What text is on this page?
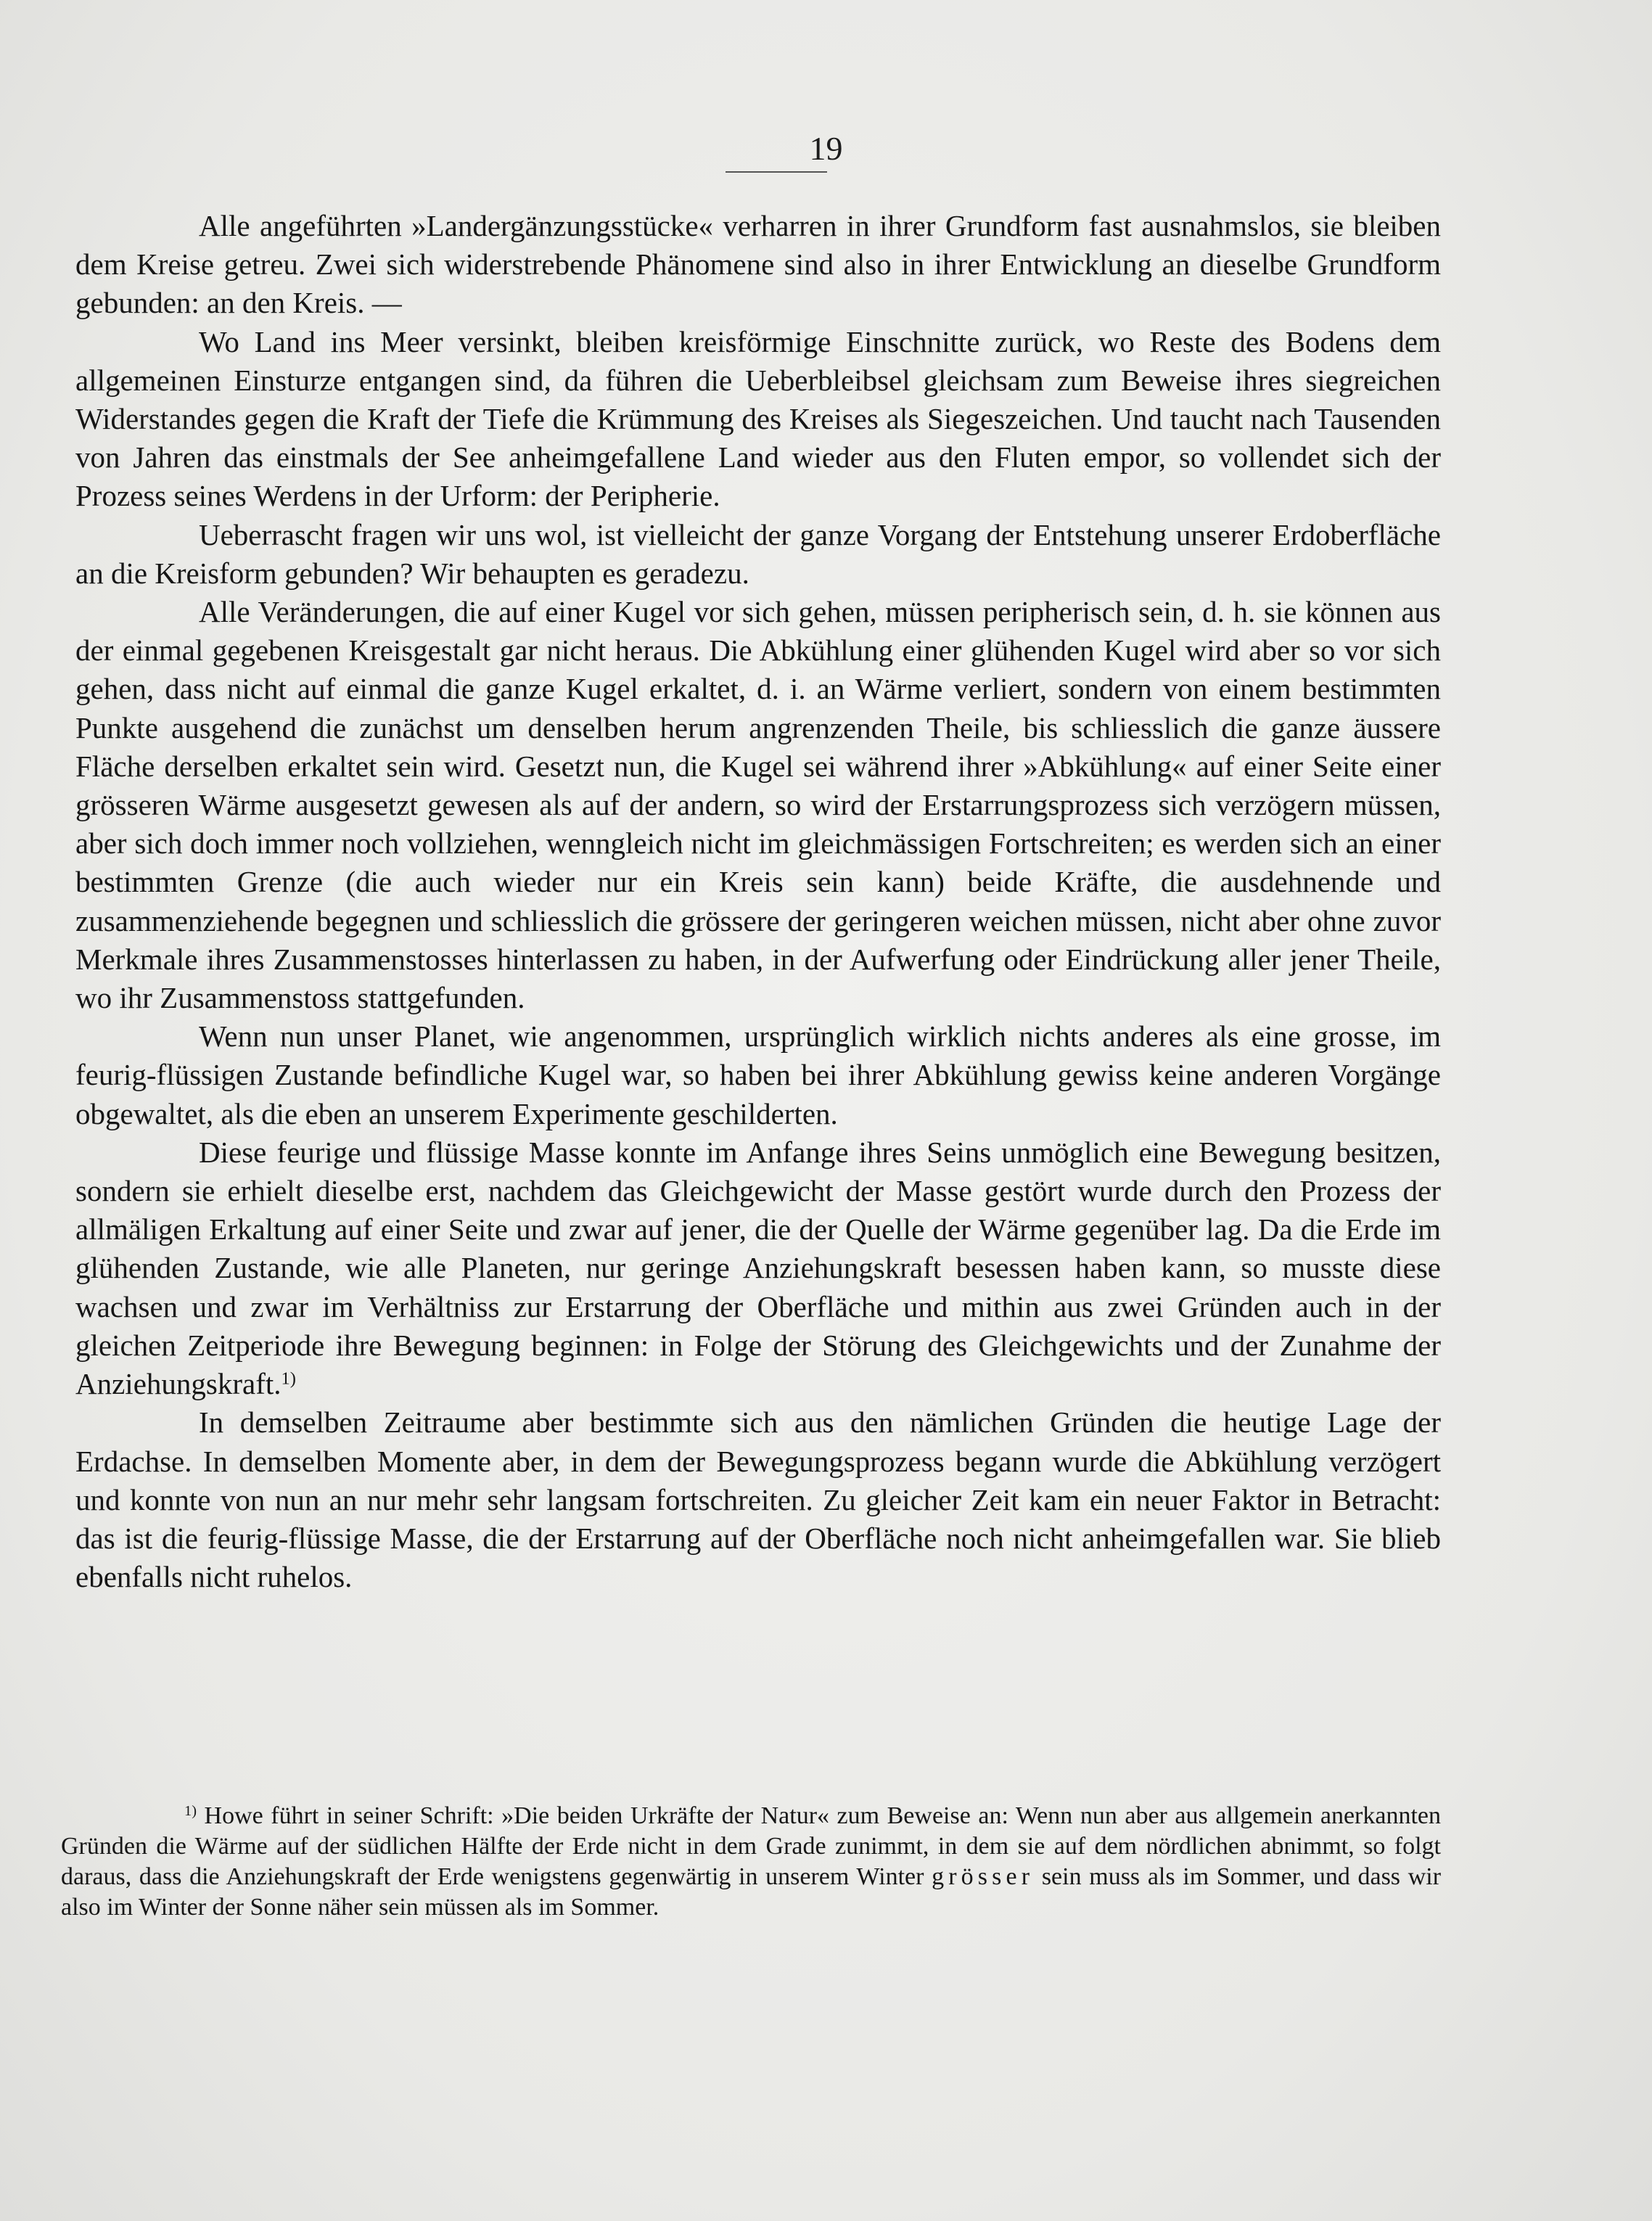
19

Alle angeführten »Landergänzungsstücke« verharren in ihrer Grundform fast ausnahmslos, sie bleiben dem Kreise getreu. Zwei sich widerstrebende Phänomene sind also in ihrer Entwicklung an dieselbe Grundform gebunden: an den Kreis. —

Wo Land ins Meer versinkt, bleiben kreisförmige Einschnitte zurück, wo Reste des Bodens dem allgemeinen Einsturze entgangen sind, da führen die Ueberbleibsel gleichsam zum Beweise ihres siegreichen Widerstandes gegen die Kraft der Tiefe die Krümmung des Kreises als Siegeszeichen. Und taucht nach Tausenden von Jahren das einstmals der See anheimgefallene Land wieder aus den Fluten empor, so vollendet sich der Prozess seines Werdens in der Urform: der Peripherie.

Ueberrascht fragen wir uns wol, ist vielleicht der ganze Vorgang der Entstehung unserer Erdoberfläche an die Kreisform gebunden? Wir behaupten es geradezu.

Alle Veränderungen, die auf einer Kugel vor sich gehen, müssen peripherisch sein, d. h. sie können aus der einmal gegebenen Kreisgestalt gar nicht heraus. Die Abkühlung einer glühenden Kugel wird aber so vor sich gehen, dass nicht auf einmal die ganze Kugel erkaltet, d. i. an Wärme verliert, sondern von einem bestimmten Punkte ausgehend die zunächst um denselben herum angrenzenden Theile, bis schliesslich die ganze äussere Fläche derselben erkaltet sein wird. Gesetzt nun, die Kugel sei während ihrer »Abkühlung« auf einer Seite einer grösseren Wärme ausgesetzt gewesen als auf der andern, so wird der Erstarrungsprozess sich verzögern müssen, aber sich doch immer noch vollziehen, wenngleich nicht im gleichmässigen Fortschreiten; es werden sich an einer bestimmten Grenze (die auch wieder nur ein Kreis sein kann) beide Kräfte, die ausdehnende und zusammenziehende begegnen und schliesslich die grössere der geringeren weichen müssen, nicht aber ohne zuvor Merkmale ihres Zusammenstosses hinterlassen zu haben, in der Aufwerfung oder Eindrückung aller jener Theile, wo ihr Zusammenstoss stattgefunden.

Wenn nun unser Planet, wie angenommen, ursprünglich wirklich nichts anderes als eine grosse, im feurig-flüssigen Zustande befindliche Kugel war, so haben bei ihrer Abkühlung gewiss keine anderen Vorgänge obgewaltet, als die eben an unserem Experimente geschilderten.

Diese feurige und flüssige Masse konnte im Anfange ihres Seins unmöglich eine Bewegung besitzen, sondern sie erhielt dieselbe erst, nachdem das Gleichgewicht der Masse gestört wurde durch den Prozess der allmäligen Erkaltung auf einer Seite und zwar auf jener, die der Quelle der Wärme gegenüber lag. Da die Erde im glühenden Zustande, wie alle Planeten, nur geringe Anziehungskraft besessen haben kann, so musste diese wachsen und zwar im Verhältniss zur Erstarrung der Oberfläche und mithin aus zwei Gründen auch in der gleichen Zeitperiode ihre Bewegung beginnen: in Folge der Störung des Gleichgewichts und der Zunahme der Anziehungskraft.$^{1)}$

In demselben Zeitraume aber bestimmte sich aus den nämlichen Gründen die heutige Lage der Erdachse. In demselben Momente aber, in dem der Bewegungsprozess begann wurde die Abkühlung verzögert und konnte von nun an nur mehr sehr langsam fortschreiten. Zu gleicher Zeit kam ein neuer Faktor in Betracht: das ist die feurig-flüssige Masse, die der Erstarrung auf der Oberfläche noch nicht anheimgefallen war. Sie blieb ebenfalls nicht ruhelos.

$^{1)}$ Howe führt in seiner Schrift: »Die beiden Urkräfte der Natur« zum Beweise an: Wenn nun aber aus allgemein anerkannten Gründen die Wärme auf der südlichen Hälfte der Erde nicht in dem Grade zunimmt, in dem sie auf dem nördlichen abnimmt, so folgt daraus, dass die Anziehungskraft der Erde wenigstens gegenwärtig in unserem Winter grösser sein muss als im Sommer, und dass wir also im Winter der Sonne näher sein müssen als im Sommer.
